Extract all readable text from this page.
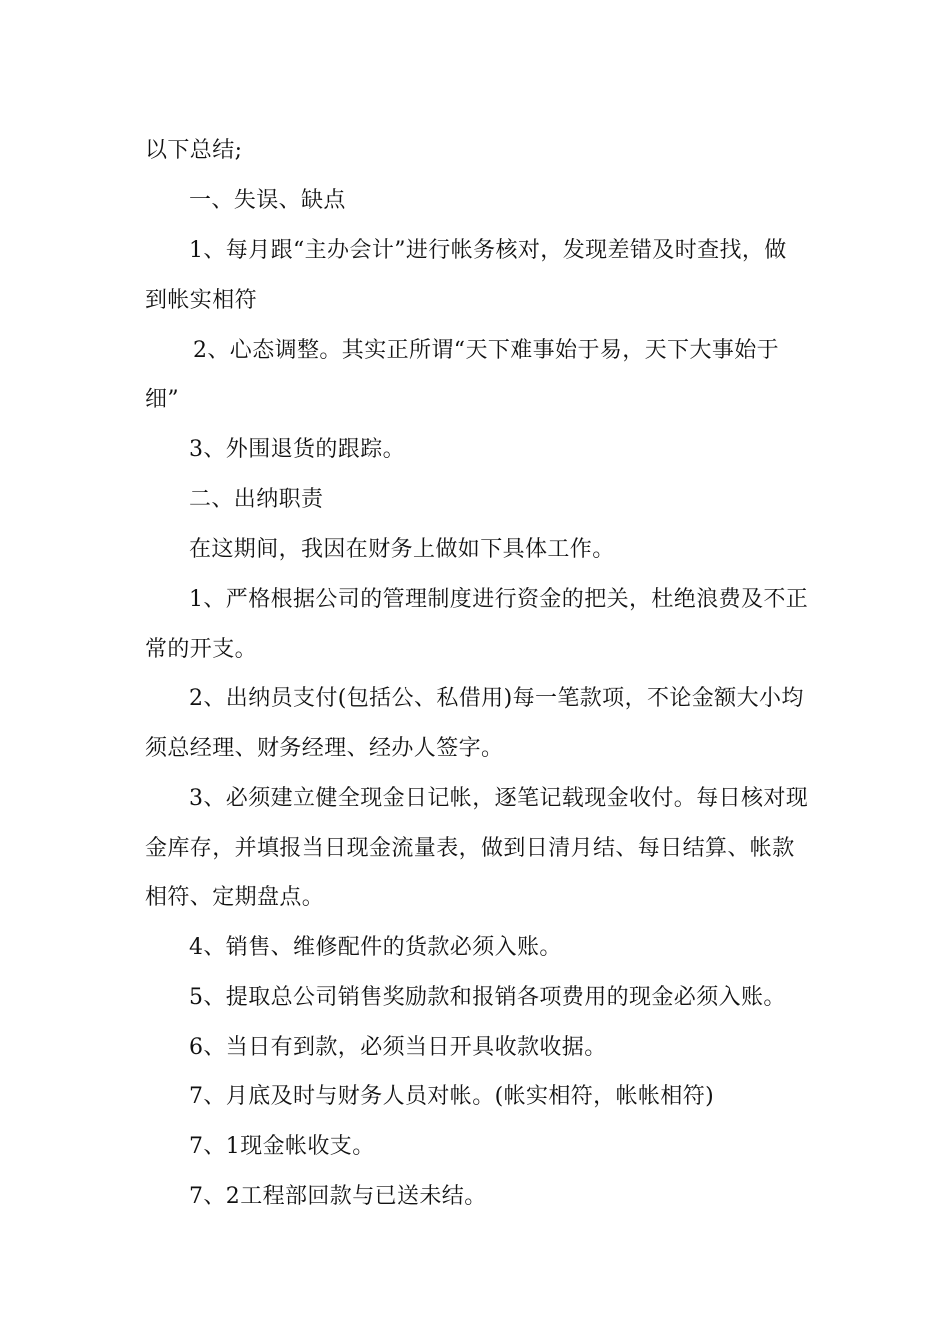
以下总结;
一、失误、缺点
1、每月跟“主办会计”进行帐务核对，发现差错及时查找，做
到帐实相符
2、心态调整。其实正所谓“天下难事始于易，天下大事始于
细”
3、外围退货的跟踪。
二、出纳职责
在这期间，我因在财务上做如下具体工作。
1、严格根据公司的管理制度进行资金的把关，杜绝浪费及不正
常的开支。
2、出纳员支付(包括公、私借用)每一笔款项，不论金额大小均
须总经理、财务经理、经办人签字。
3、必须建立健全现金日记帐，逐笔记载现金收付。每日核对现
金库存，并填报当日现金流量表，做到日清月结、每日结算、帐款
相符、定期盘点。
4、销售、维修配件的货款必须入账。
5、提取总公司销售奖励款和报销各项费用的现金必须入账。
6、当日有到款，必须当日开具收款收据。
7、月底及时与财务人员对帐。(帐实相符，帐帐相符)
7、1现金帐收支。
7、2工程部回款与已送未结。
